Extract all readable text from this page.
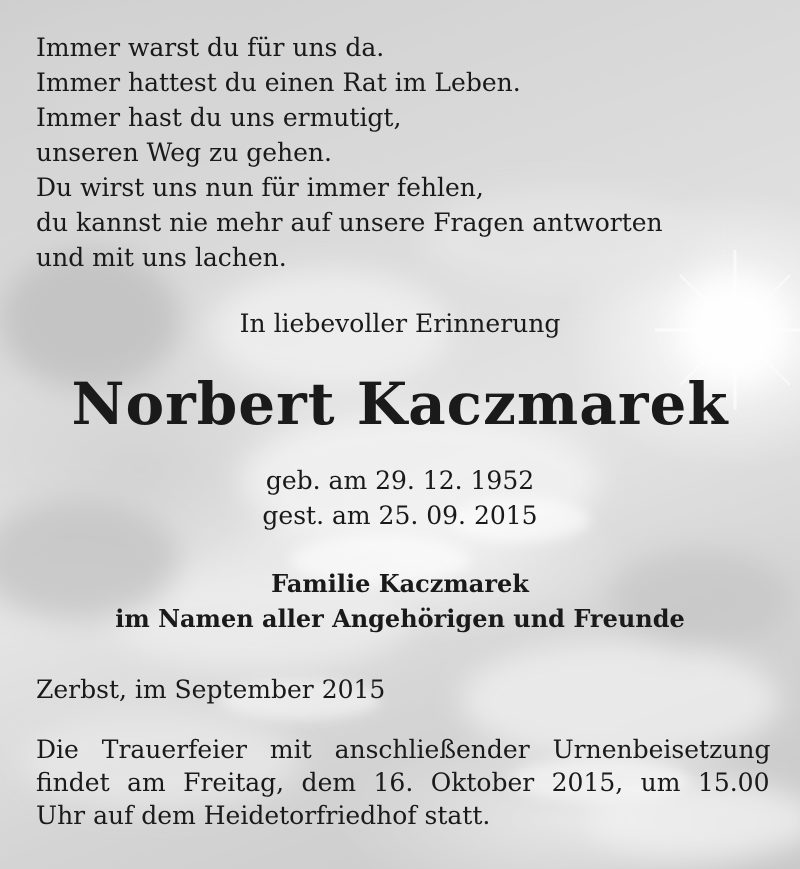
Immer warst du für uns da.
Immer hattest du einen Rat im Leben.
Immer hast du uns ermutigt,
unseren Weg zu gehen.
Du wirst uns nun für immer fehlen,
du kannst nie mehr auf unsere Fragen antworten
und mit uns lachen.
In liebevoller Erinnerung
Norbert Kaczmarek
geb. am 29. 12. 1952
gest. am 25. 09. 2015
Familie Kaczmarek
im Namen aller Angehörigen und Freunde
Zerbst, im September 2015
Die Trauerfeier mit anschließender Urnenbeisetzung
findet am Freitag, dem 16. Oktober 2015, um 15.00
Uhr auf dem Heidetorfriedhof statt.
